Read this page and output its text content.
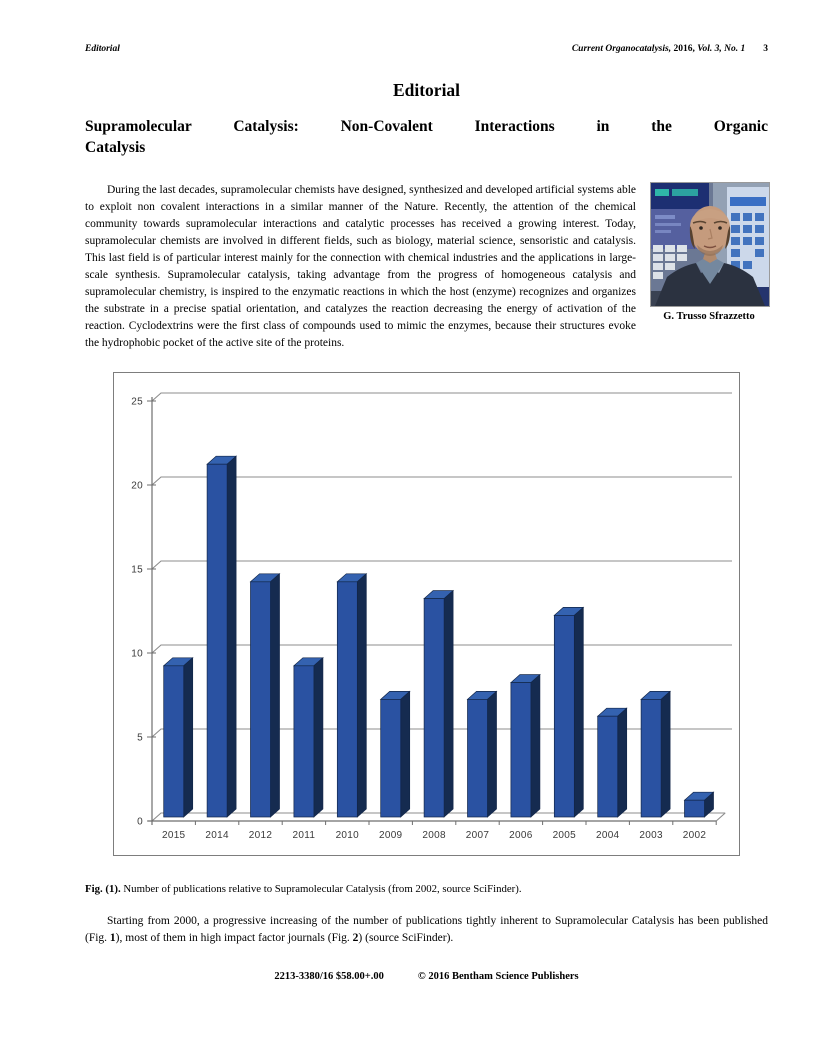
Editorial	Current Organocatalysis, 2016, Vol. 3, No. 1 3
Editorial
Supramolecular Catalysis: Non-Covalent Interactions in the Organic
Catalysis
G. Trusso Sfrazzetto
During the last decades, supramolecular chemists have designed, synthesized and developed artificial systems able to exploit non covalent interactions in a similar manner of the Nature. Recently, the attention of the chemical community towards supramolecular interactions and catalytic processes has received a growing interest. Today, supramolecular chemists are involved in different fields, such as biology, material science, sensoristic and catalysis. This last field is of particular interest mainly for the connection with chemical industries and the applications in large-scale synthesis. Supramolecular catalysis, taking advantage from the progress of homogeneous catalysis and supramolecular chemistry, is inspired to the enzymatic reactions in which the host (enzyme) recognizes and organizes the substrate in a precise spatial orientation, and catalyzes the reaction decreasing the energy of activation of the reaction. Cyclodextrins were the first class of compounds used to mimic the enzymes, because their structures evoke the hydrophobic pocket of the active site of the proteins.
0
5
10
15
20
25
2015 2014 2012 2011 2010 2009 2008 2007 2006 2005 2004 2003 2002

Fig. (1). Number of publications relative to Supramolecular Catalysis (from 2002, source SciFinder).

Starting from 2000, a progressive increasing of the number of publications tightly inherent to Supramolecular Catalysis has been published (Fig. 1), most of them in high impact factor journals (Fig. 2) (source SciFinder).

2213-3380/16 $58.00+.00	© 2016 Bentham Science Publishers
